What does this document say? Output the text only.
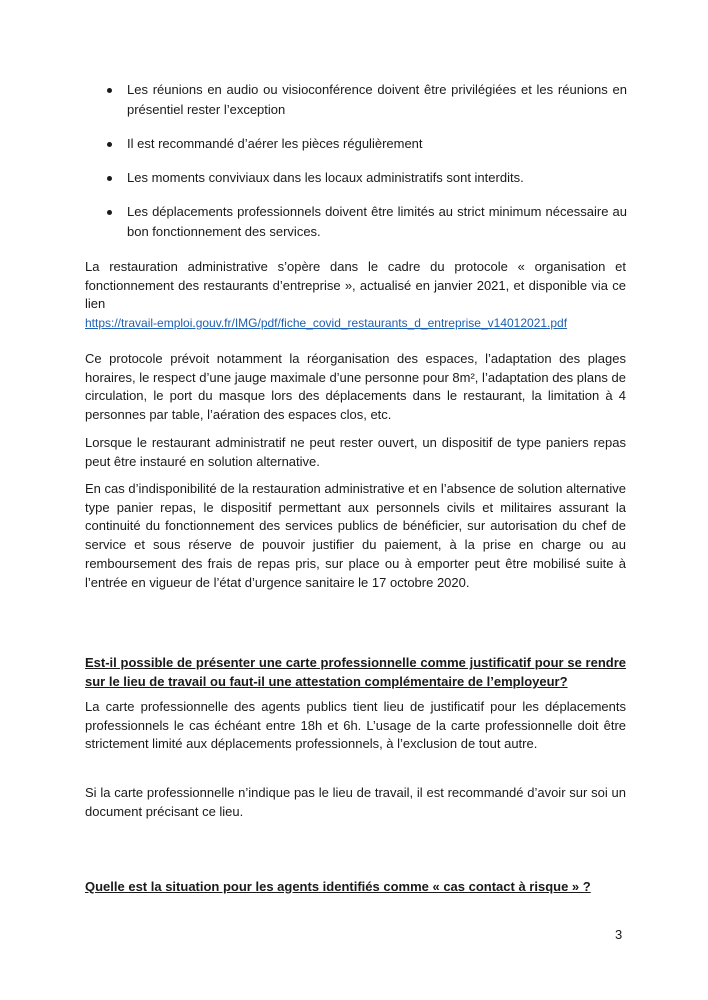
Les réunions en audio ou visioconférence doivent être privilégiées et les réunions en présentiel rester l’exception
Il est recommandé d’aérer les pièces régulièrement
Les moments conviviaux dans les locaux administratifs sont interdits.
Les déplacements professionnels doivent être limités au strict minimum nécessaire au bon fonctionnement des services.
La restauration administrative s’opère dans le cadre du protocole « organisation et fonctionnement des restaurants d’entreprise », actualisé en janvier 2021, et disponible via ce lien
https://travail-emploi.gouv.fr/IMG/pdf/fiche_covid_restaurants_d_entreprise_v14012021.pdf
Ce protocole prévoit notamment la réorganisation des espaces, l’adaptation des plages horaires, le respect d’une jauge maximale d’une personne pour 8m², l’adaptation des plans de circulation, le port du masque lors des déplacements dans le restaurant, la limitation à 4 personnes par table, l’aération des espaces clos, etc.
Lorsque le restaurant administratif ne peut rester ouvert, un dispositif de type paniers repas peut être instauré en solution alternative.
En cas d’indisponibilité de la restauration administrative et en l’absence de solution alternative type panier repas, le dispositif permettant aux personnels civils et militaires assurant la continuité du fonctionnement des services publics de bénéficier, sur autorisation du chef de service et sous réserve de pouvoir justifier du paiement, à la prise en charge ou au remboursement des frais de repas pris, sur place ou à emporter peut être mobilisé suite à l’entrée en vigueur de l’état d’urgence sanitaire le 17 octobre 2020.
Est-il possible de présenter une carte professionnelle comme justificatif pour se rendre sur le lieu de travail ou faut-il une attestation complémentaire de l’employeur?
La carte professionnelle des agents publics tient lieu de justificatif pour les déplacements professionnels le cas échéant entre 18h et 6h. L’usage de la carte professionnelle doit être strictement limité aux déplacements professionnels, à l’exclusion de tout autre.
Si la carte professionnelle n’indique pas le lieu de travail, il est recommandé d’avoir sur soi un document précisant ce lieu.
Quelle est la situation pour les agents identifiés comme « cas contact à risque » ?
3
